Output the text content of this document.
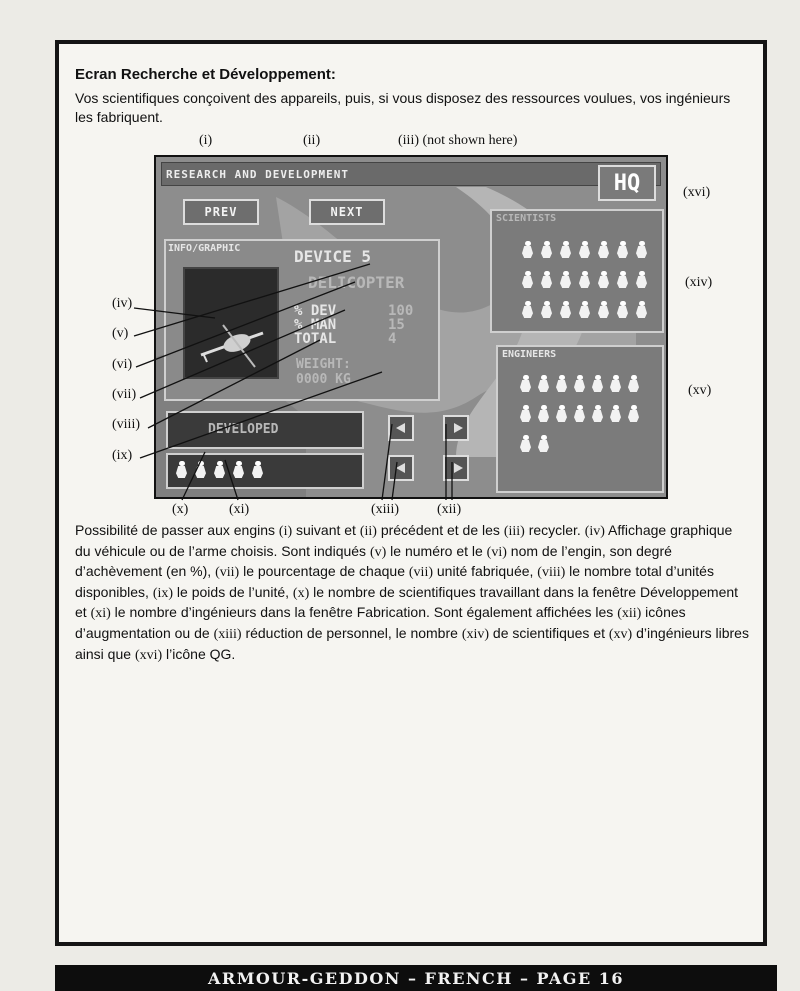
Ecran Recherche et Développement:
Vos scientifiques conçoivent des appareils, puis, si vous disposez des ressources voulues, vos ingénieurs les fabriquent.
(i)	(ii)	(iii) (not shown here)
(iv)
(v)
(vi)
(vii)
(viii)
(ix)
(x)	(xi)	(xiii)	(xii)
(xvi)
(xiv)
(xv)
RESEARCH AND DEVELOPMENT	HQ
PREV	NEXT
INFO/GRAPHIC	DEVICE 5
DELICOPTER
% DEV	100
% MAN	15
TOTAL	4
WEIGHT:
0000 KG
DEVELOPED
SCIENTISTS
ENGINEERS
Possibilité de passer aux engins (i) suivant et (ii) précédent et de les (iii) recycler. (iv) Affichage graphique du véhicule ou de l’arme choisis. Sont indiqués (v) le numéro et le (vi) nom de l’engin, son degré d’achèvement (en %), (vii) le pourcentage de chaque (vii) unité fabriquée, (viii) le nombre total d’unités disponibles, (ix) le poids de l’unité, (x) le nombre de scientifiques travaillant dans la fenêtre Développement et (xi) le nombre d’ingénieurs dans la fenêtre Fabrication. Sont également affichées les (xii) icônes d’augmentation ou de (xiii) réduction de personnel, le nombre (xiv) de scientifiques et (xv) d’ingénieurs libres ainsi que (xvi) l’icône QG.
ARMOUR-GEDDON – FRENCH – PAGE 16
